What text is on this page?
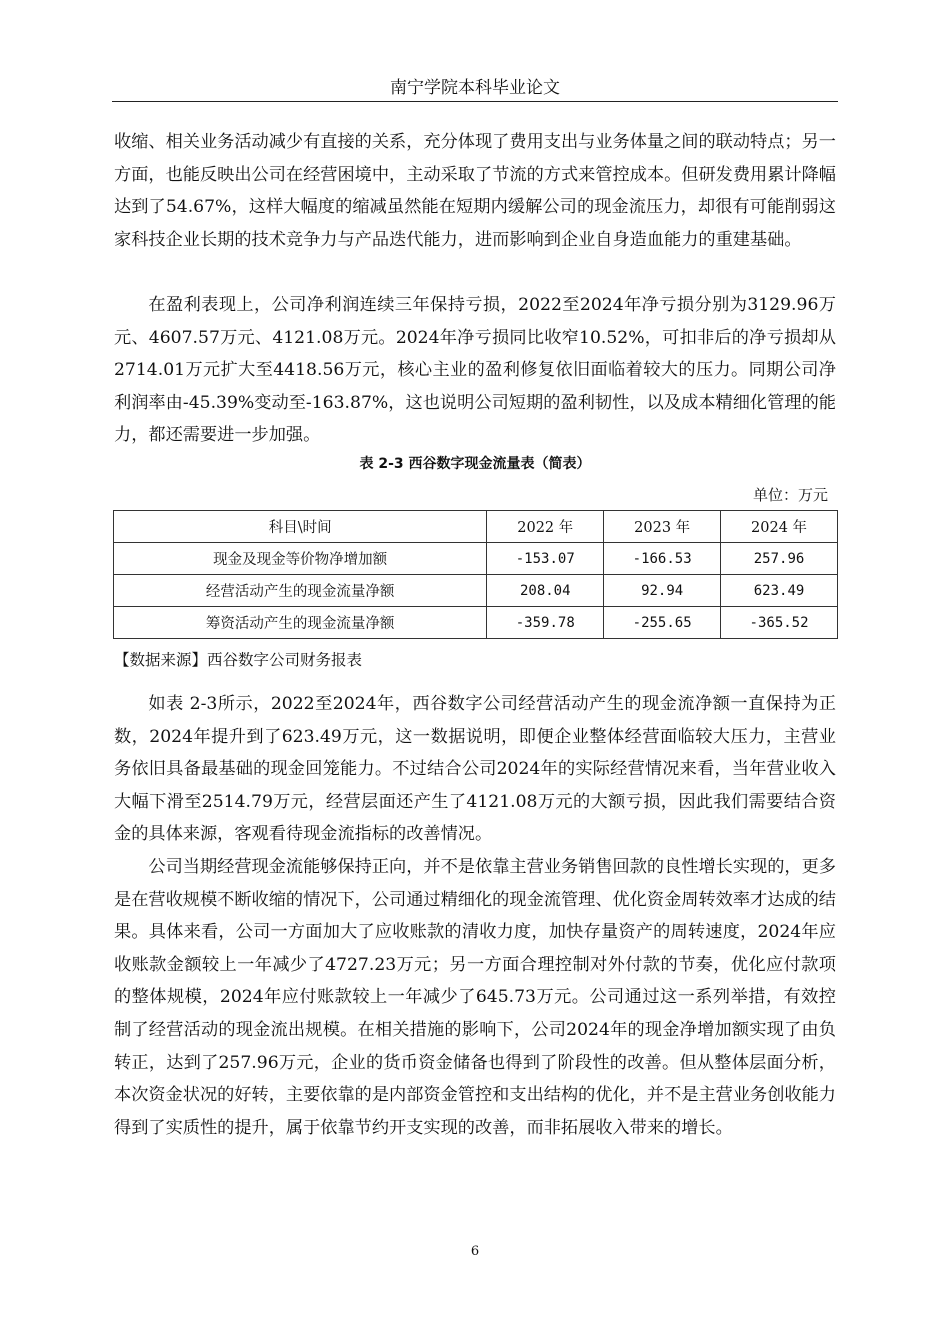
南宁学院本科毕业论文

收缩、相关业务活动减少有直接的关系，充分体现了费用支出与业务体量之间的联动特点；另一方面，也能反映出公司在经营困境中，主动采取了节流的方式来管控成本。但研发费用累计降幅达到了54.67%，这样大幅度的缩减虽然能在短期内缓解公司的现金流压力，却很有可能削弱这家科技企业长期的技术竞争力与产品迭代能力，进而影响到企业自身造血能力的重建基础。

在盈利表现上，公司净利润连续三年保持亏损，2022至2024年净亏损分别为3129.96万元、4607.57万元、4121.08万元。2024年净亏损同比收窄10.52%，可扣非后的净亏损却从2714.01万元扩大至4418.56万元，核心主业的盈利修复依旧面临着较大的压力。同期公司净利润率由-45.39%变动至-163.87%，这也说明公司短期的盈利韧性，以及成本精细化管理的能力，都还需要进一步加强。

表 2-3 西谷数字现金流量表（简表）
单位：万元
科目\时间	2022 年	2023 年	2024 年
现金及现金等价物净增加额	-153.07	-166.53	257.96
经营活动产生的现金流量净额	208.04	92.94	623.49
筹资活动产生的现金流量净额	-359.78	-255.65	-365.52
【数据来源】西谷数字公司财务报表

如表 2-3所示，2022至2024年，西谷数字公司经营活动产生的现金流净额一直保持为正数，2024年提升到了623.49万元，这一数据说明，即便企业整体经营面临较大压力，主营业务依旧具备最基础的现金回笼能力。不过结合公司2024年的实际经营情况来看，当年营业收入大幅下滑至2514.79万元，经营层面还产生了4121.08万元的大额亏损，因此我们需要结合资金的具体来源，客观看待现金流指标的改善情况。

公司当期经营现金流能够保持正向，并不是依靠主营业务销售回款的良性增长实现的，更多是在营收规模不断收缩的情况下，公司通过精细化的现金流管理、优化资金周转效率才达成的结果。具体来看，公司一方面加大了应收账款的清收力度，加快存量资产的周转速度，2024年应收账款金额较上一年减少了4727.23万元；另一方面合理控制对外付款的节奏，优化应付款项的整体规模，2024年应付账款较上一年减少了645.73万元。公司通过这一系列举措，有效控制了经营活动的现金流出规模。在相关措施的影响下，公司2024年的现金净增加额实现了由负转正，达到了257.96万元，企业的货币资金储备也得到了阶段性的改善。但从整体层面分析，本次资金状况的好转，主要依靠的是内部资金管控和支出结构的优化，并不是主营业务创收能力得到了实质性的提升，属于依靠节约开支实现的改善，而非拓展收入带来的增长。

6
